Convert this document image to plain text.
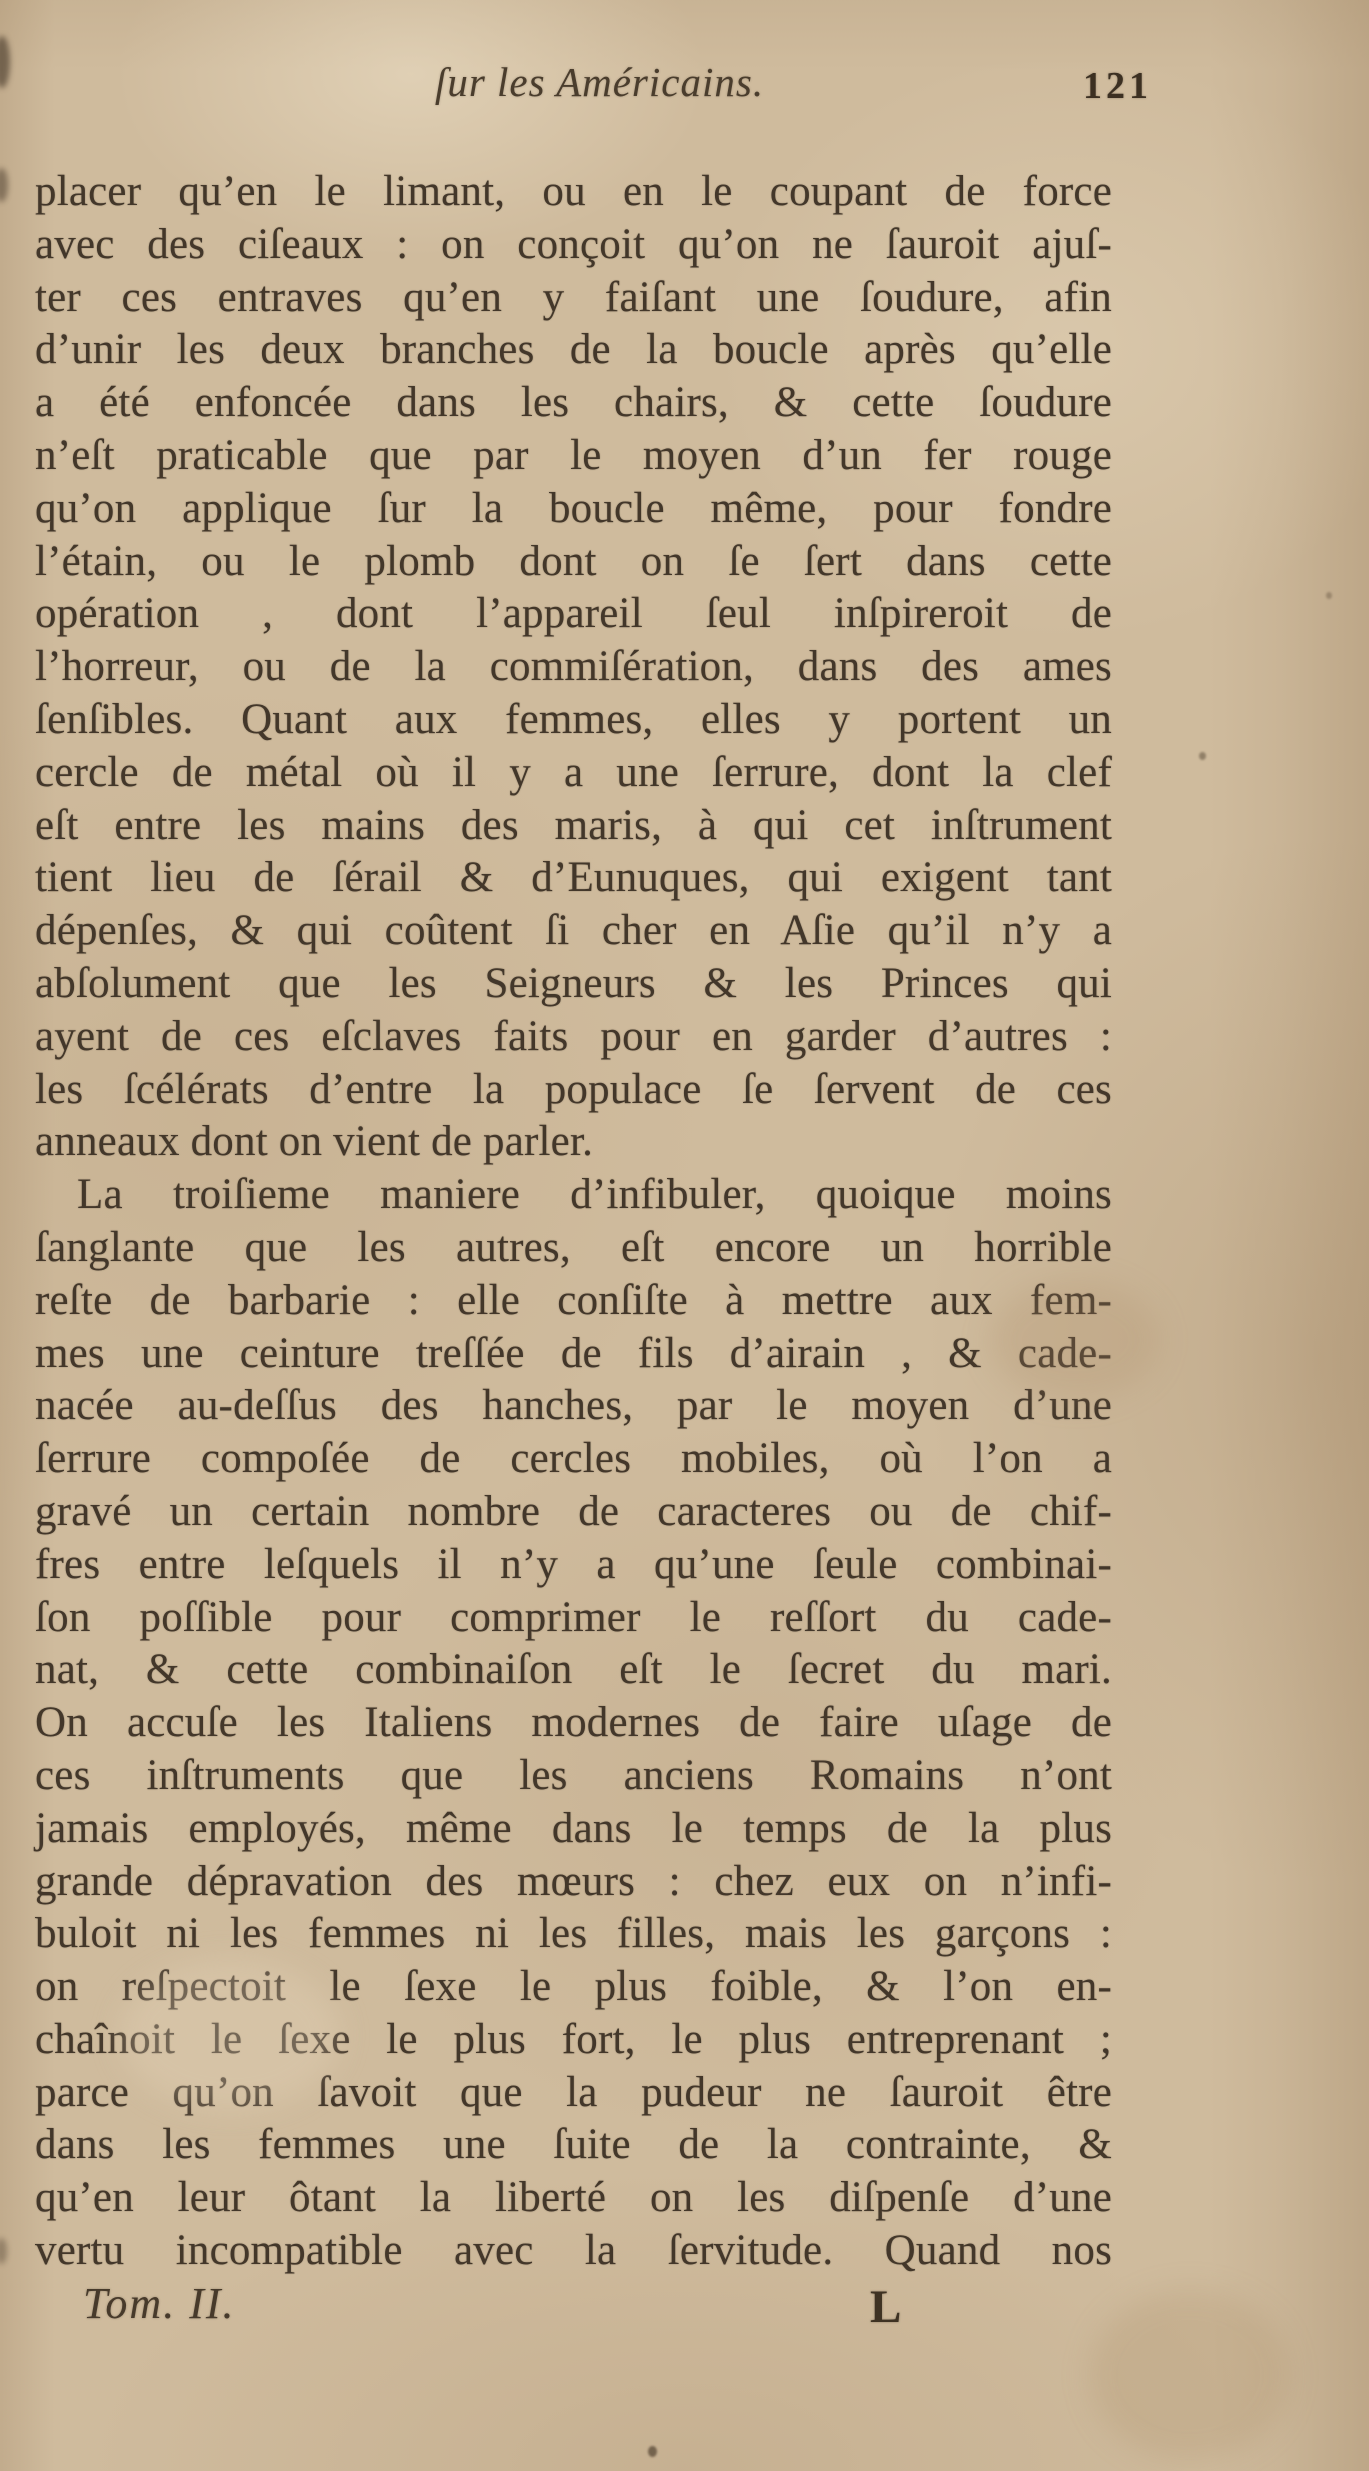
ſur les Américains.	121
placer qu’en le limant, ou en le coupant de force
avec des ciſeaux : on conçoit qu’on ne ſauroit ajuſ-
ter ces entraves qu’en y faiſant une ſoudure, afin
d’unir les deux branches de la boucle après qu’elle
a été enfoncée dans les chairs, & cette ſoudure
n’eſt praticable que par le moyen d’un fer rouge
qu’on applique ſur la boucle même, pour fondre
l’étain, ou le plomb dont on ſe ſert dans cette
opération , dont l’appareil ſeul inſpireroit de
l’horreur, ou de la commiſération, dans des ames
ſenſibles. Quant aux femmes, elles y portent un
cercle de métal où il y a une ſerrure, dont la clef
eſt entre les mains des maris, à qui cet inſtrument
tient lieu de ſérail & d’Eunuques, qui exigent tant
dépenſes, & qui coûtent ſi cher en Aſie qu’il n’y a
abſolument que les Seigneurs & les Princes qui
ayent de ces eſclaves faits pour en garder d’autres :
les ſcélérats d’entre la populace ſe ſervent de ces
anneaux dont on vient de parler.
La troiſieme maniere d’infibuler, quoique moins
ſanglante que les autres, eſt encore un horrible
reſte de barbarie : elle conſiſte à mettre aux fem-
mes une ceinture treſſée de fils d’airain , & cade-
nacée au-deſſus des hanches, par le moyen d’une
ſerrure compoſée de cercles mobiles, où l’on a
gravé un certain nombre de caracteres ou de chif-
fres entre leſquels il n’y a qu’une ſeule combinai-
ſon poſſible pour comprimer le reſſort du cade-
nat, & cette combinaiſon eſt le ſecret du mari.
On accuſe les Italiens modernes de faire uſage de
ces inſtruments que les anciens Romains n’ont
jamais employés, même dans le temps de la plus
grande dépravation des mœurs : chez eux on n’infi-
buloit ni les femmes ni les filles, mais les garçons :
on reſpectoit le ſexe le plus foible, & l’on en-
chaînoit le ſexe le plus fort, le plus entreprenant ;
parce qu’on ſavoit que la pudeur ne ſauroit être
dans les femmes une ſuite de la contrainte, &
qu’en leur ôtant la liberté on les diſpenſe d’une
vertu incompatible avec la ſervitude. Quand nos
Tom. II.	L
